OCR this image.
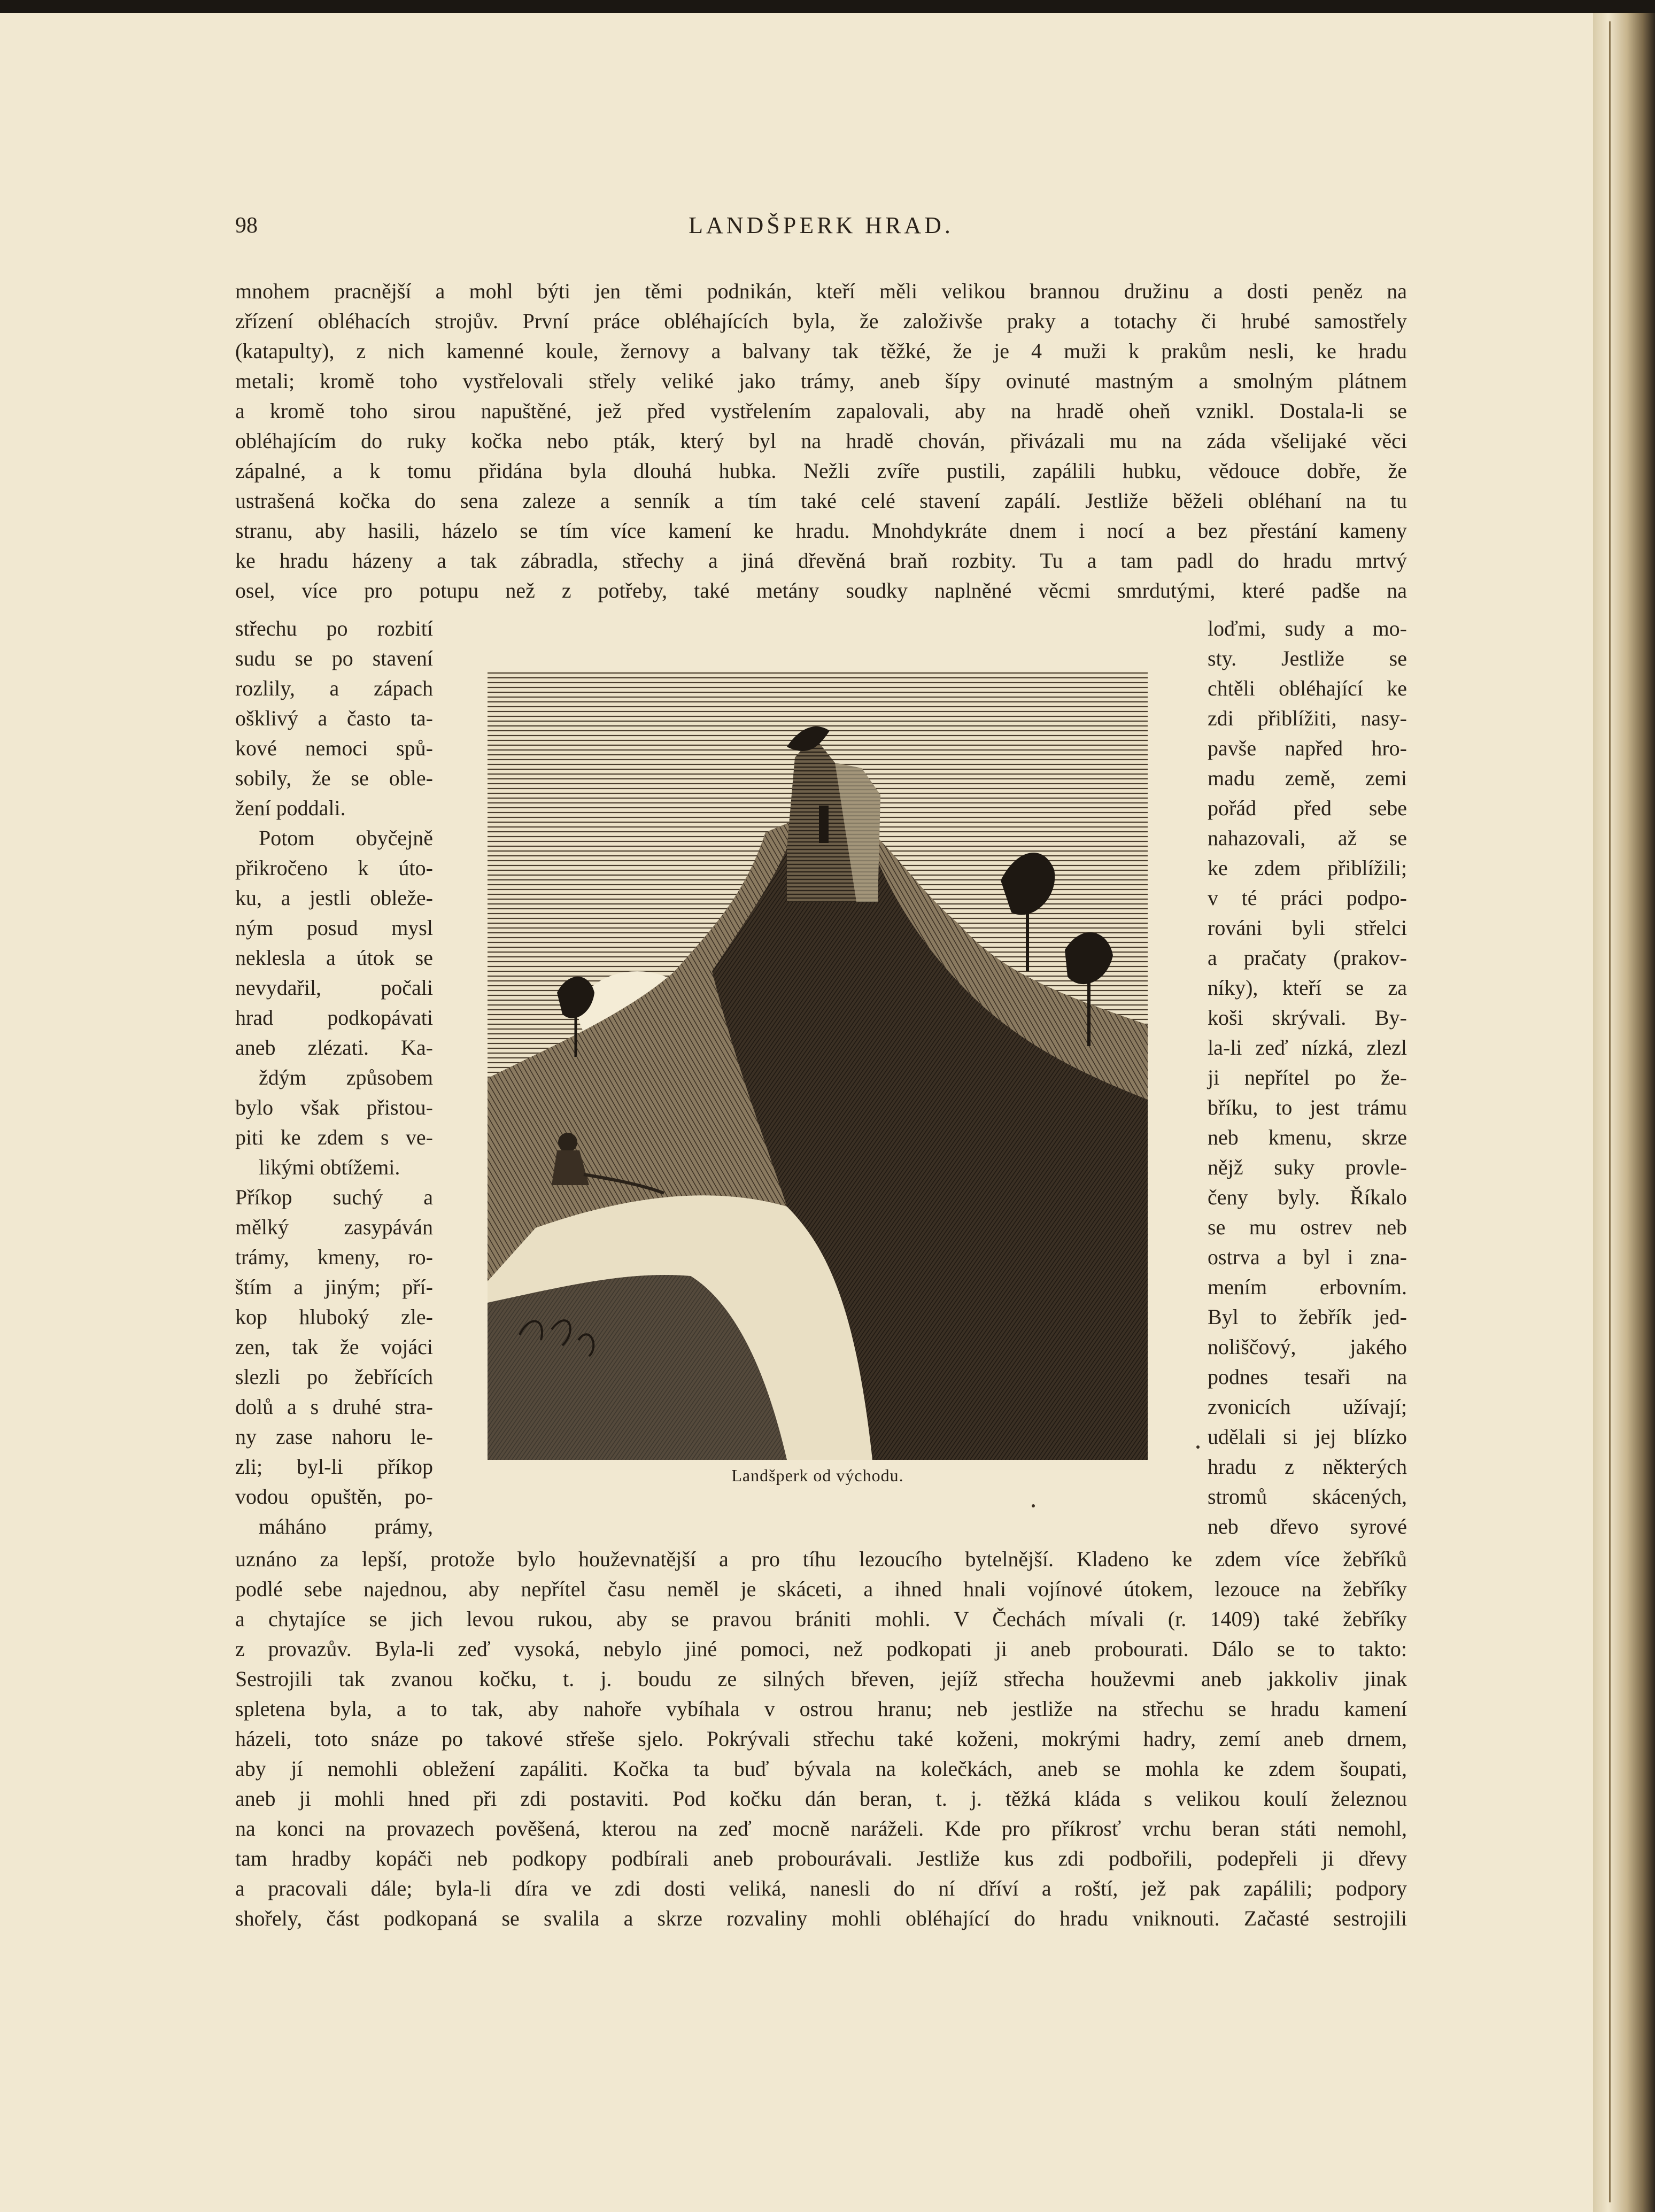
98	LANDŠPERK HRAD.
mnohem pracnější a mohl býti jen těmi podnikán, kteří měli velikou brannou družinu a dosti peněz na
zřízení obléhacích strojův. První práce obléhajících byla, že založivše praky a totachy či hrubé samostřely
(katapulty), z nich kamenné koule, žernovy a balvany tak těžké, že je 4 muži k prakům nesli, ke hradu
metali; kromě toho vystřelovali střely veliké jako trámy, aneb šípy ovinuté mastným a smolným plátnem
a kromě toho sirou napuštěné, jež před vystřelením zapalovali, aby na hradě oheň vznikl. Dostala-li se
obléhajícím do ruky kočka nebo pták, který byl na hradě chován, přivázali mu na záda všelijaké věci
zápalné, a k tomu přidána byla dlouhá hubka. Nežli zvíře pustili, zapálili hubku, vědouce dobře, že
ustrašená kočka do sena zaleze a senník a tím také celé stavení zapálí. Jestliže běželi obléhaní na tu
stranu, aby hasili, házelo se tím více kamení ke hradu. Mnohdykráte dnem i nocí a bez přestání kameny
ke hradu házeny a tak zábradla, střechy a jiná dřevěná braň rozbity. Tu a tam padl do hradu mrtvý
osel, více pro potupu než z potřeby, také metány soudky naplněné věcmi smrdutými, které padše na
střechu po rozbití
sudu se po stavení
rozlily, a zápach
ošklivý a často ta-
kové nemoci spů-
sobily, že se oble-
žení poddali.
Potom obyčejně
přikročeno k úto-
ku, a jestli obleže-
ným posud mysl
neklesla a útok se
nevydařil, počali
hrad podkopávati
aneb zlézati. Ka-
ždým způsobem
bylo však přistou-
piti ke zdem s ve-
likými obtížemi.
Příkop suchý a
mělký zasypáván
trámy, kmeny, ro-
štím a jiným; pří-
kop hluboký zle-
zen, tak že vojáci
slezli po žebřících
dolů a s druhé stra-
ny zase nahoru le-
zli; byl-li příkop
vodou opuštěn, po-
máháno prámy,
loďmi, sudy a mo-
sty. Jestliže se
chtěli obléhající ke
zdi přiblížiti, nasy-
pavše napřed hro-
madu země, zemi
pořád před sebe
nahazovali, až se
ke zdem přiblížili;
v té práci podpo-
rováni byli střelci
a pračaty (prakov-
níky), kteří se za
koši skrývali. By-
la-li zeď nízká, zlezl
ji nepřítel po že-
bříku, to jest trámu
neb kmenu, skrze
nějž suky provle-
čeny byly. Říkalo
se mu ostrev neb
ostrva a byl i zna-
mením erbovním.
Byl to žebřík jed-
noliščový, jakého
podnes tesaři na
zvonicích užívají;
udělali si jej blízko
hradu z některých
stromů skácených,
neb dřevo syrové
Landšperk od východu.
uznáno za lepší, protože bylo houževnatější a pro tíhu lezoucího bytelnější. Kladeno ke zdem více žebříků
podlé sebe najednou, aby nepřítel času neměl je skáceti, a ihned hnali vojínové útokem, lezouce na žebříky
a chytajíce se jich levou rukou, aby se pravou brániti mohli. V Čechách mívali (r. 1409) také žebříky
z provazův. Byla-li zeď vysoká, nebylo jiné pomoci, než podkopati ji aneb probourati. Dálo se to takto:
Sestrojili tak zvanou kočku, t. j. boudu ze silných břeven, jejíž střecha houževmi aneb jakkoliv jinak
spletena byla, a to tak, aby nahoře vybíhala v ostrou hranu; neb jestliže na střechu se hradu kamení
házeli, toto snáze po takové střeše sjelo. Pokrývali střechu také koženi, mokrými hadry, zemí aneb drnem,
aby jí nemohli obležení zapáliti. Kočka ta buď bývala na kolečkách, aneb se mohla ke zdem šoupati,
aneb ji mohli hned při zdi postaviti. Pod kočku dán beran, t. j. těžká kláda s velikou koulí železnou
na konci na provazech pověšená, kterou na zeď mocně naráželi. Kde pro příkrosť vrchu beran státi nemohl,
tam hradby kopáči neb podkopy podbírali aneb probourávali. Jestliže kus zdi podbořili, podepřeli ji dřevy
a pracovali dále; byla-li díra ve zdi dosti veliká, nanesli do ní dříví a roští, jež pak zapálili; podpory
shořely, část podkopaná se svalila a skrze rozvaliny mohli obléhající do hradu vniknouti. Začasté sestrojili
